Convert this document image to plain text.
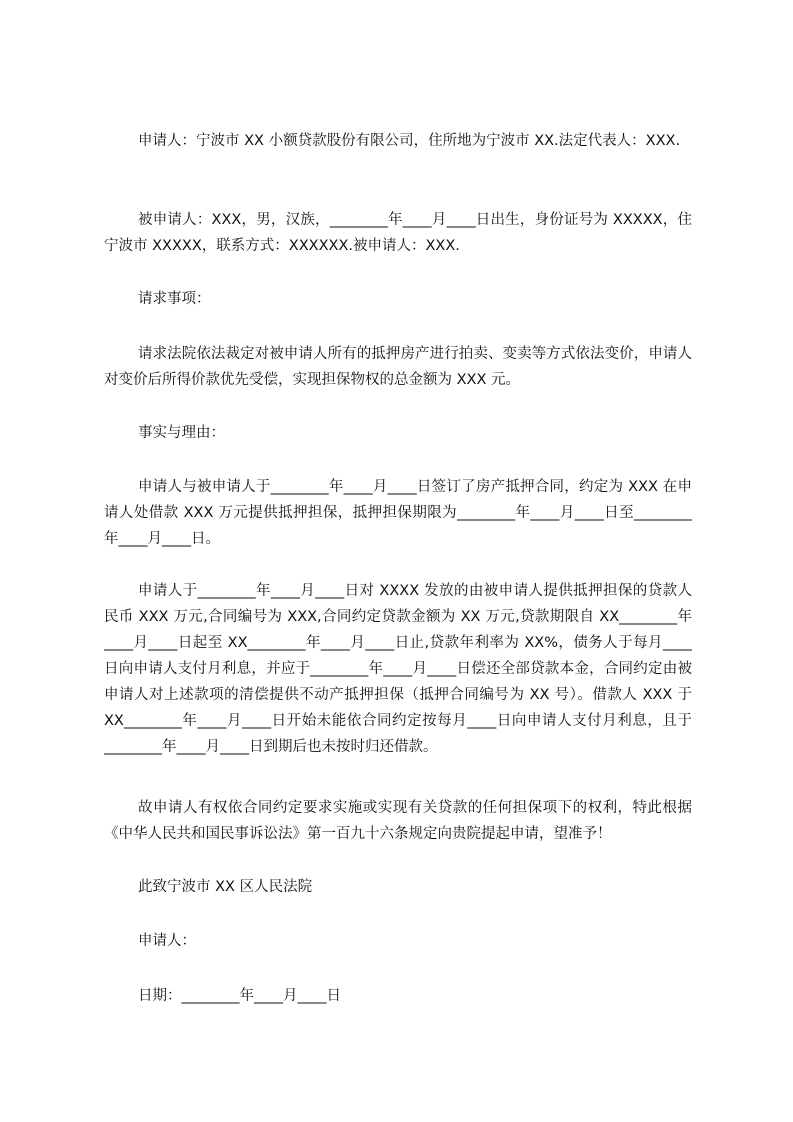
申请人：宁波市 XX 小额贷款股份有限公司，住所地为宁波市 XX.法定代表人：XXX.

被申请人：XXX，男，汉族，________年____月____日出生，身份证号为 XXXXX，住宁波市 XXXXX，联系方式：XXXXXX.被申请人：XXX.

请求事项：

请求法院依法裁定对被申请人所有的抵押房产进行拍卖、变卖等方式依法变价，申请人对变价后所得价款优先受偿，实现担保物权的总金额为 XXX 元。

事实与理由：

申请人与被申请人于________年____月____日签订了房产抵押合同，约定为 XXX 在申请人处借款 XXX 万元提供抵押担保，抵押担保期限为________年____月____日至________年____月____日。

申请人于________年____月____日对 XXXX 发放的由被申请人提供抵押担保的贷款人民币 XXX 万元,合同编号为 XXX,合同约定贷款金额为 XX 万元,贷款期限自 XX________年____月____日起至 XX________年____月____日止,贷款年利率为 XX%，债务人于每月____日向申请人支付月利息，并应于________年____月____日偿还全部贷款本金，合同约定由被申请人对上述款项的清偿提供不动产抵押担保（抵押合同编号为 XX 号）。借款人 XXX 于 XX________年____月____日开始未能依合同约定按每月____日向申请人支付月利息，且于________年____月____日到期后也未按时归还借款。

故申请人有权依合同约定要求实施或实现有关贷款的任何担保项下的权利，特此根据《中华人民共和国民事诉讼法》第一百九十六条规定向贵院提起申请，望准予！

此致宁波市 XX 区人民法院

申请人：

日期：________年____月____日
